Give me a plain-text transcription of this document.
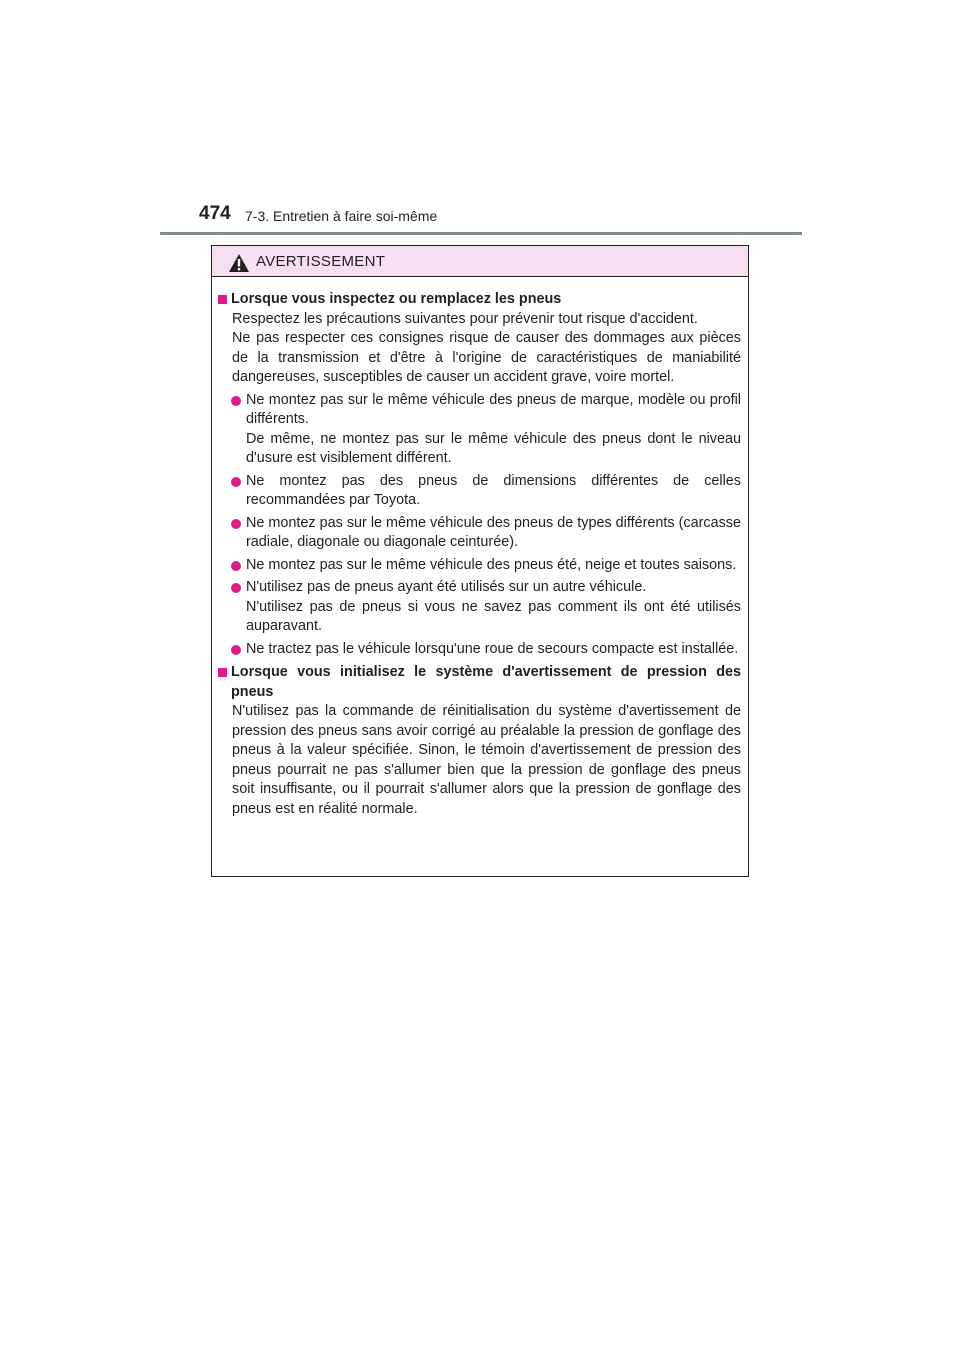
474 7-3. Entretien à faire soi-même
AVERTISSEMENT
Lorsque vous inspectez ou remplacez les pneus

Respectez les précautions suivantes pour prévenir tout risque d'accident.

Ne pas respecter ces consignes risque de causer des dommages aux pièces de la transmission et d'être à l'origine de caractéristiques de maniabilité dangereuses, susceptibles de causer un accident grave, voire mortel.

Ne montez pas sur le même véhicule des pneus de marque, modèle ou profil différents.
De même, ne montez pas sur le même véhicule des pneus dont le niveau d'usure est visiblement différent.
Ne montez pas des pneus de dimensions différentes de celles recommandées par Toyota.
Ne montez pas sur le même véhicule des pneus de types différents (carcasse radiale, diagonale ou diagonale ceinturée).
Ne montez pas sur le même véhicule des pneus été, neige et toutes saisons.
N'utilisez pas de pneus ayant été utilisés sur un autre véhicule.
N'utilisez pas de pneus si vous ne savez pas comment ils ont été utilisés auparavant.
Ne tractez pas le véhicule lorsqu'une roue de secours compacte est installée.
Lorsque vous initialisez le système d'avertissement de pression des pneus

N'utilisez pas la commande de réinitialisation du système d'avertissement de pression des pneus sans avoir corrigé au préalable la pression de gonflage des pneus à la valeur spécifiée. Sinon, le témoin d'avertissement de pression des pneus pourrait ne pas s'allumer bien que la pression de gonflage des pneus soit insuffisante, ou il pourrait s'allumer alors que la pression de gonflage des pneus est en réalité normale.
